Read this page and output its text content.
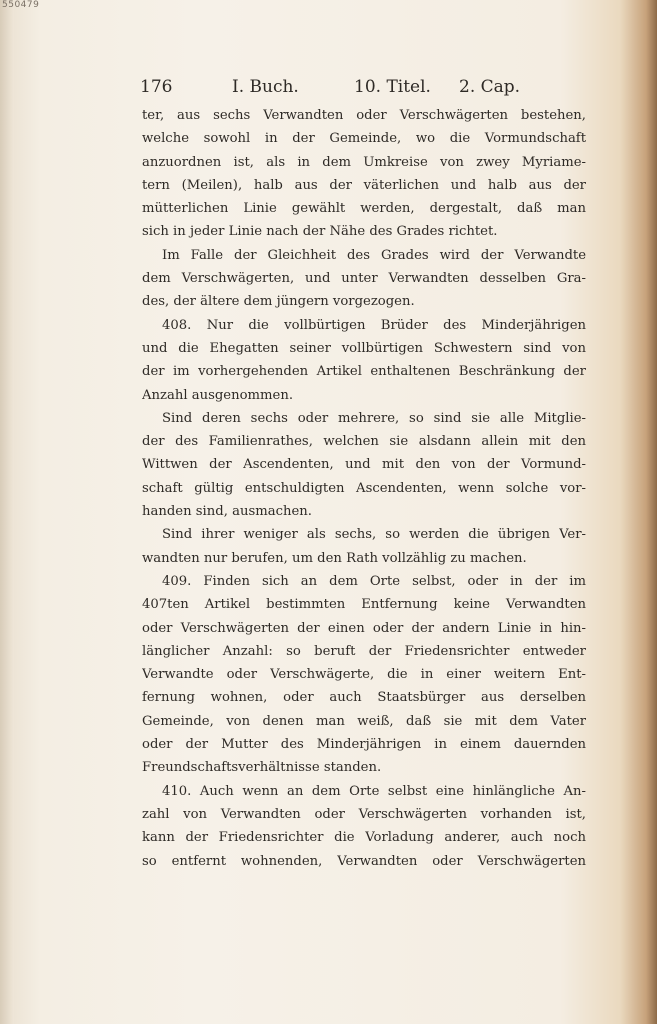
550479
176	I. Buch.	10. Titel. 2. Cap.
ter, aus sechs Verwandten oder Verschwägerten bestehen,
welche sowohl in der Gemeinde, wo die Vormundschaft
anzuordnen ist, als in dem Umkreise von zwey Myriame-
tern (Meilen), halb aus der väterlichen und halb aus der
mütterlichen Linie gewählt werden, dergestalt, daß man
sich in jeder Linie nach der Nähe des Grades richtet.
Im Falle der Gleichheit des Grades wird der Verwandte
dem Verschwägerten, und unter Verwandten desselben Gra-
des, der ältere dem jüngern vorgezogen.
408. Nur die vollbürtigen Brüder des Minderjährigen
und die Ehegatten seiner vollbürtigen Schwestern sind von
der im vorhergehenden Artikel enthaltenen Beschränkung der
Anzahl ausgenommen.
Sind deren sechs oder mehrere, so sind sie alle Mitglie-
der des Familienrathes, welchen sie alsdann allein mit den
Wittwen der Ascendenten, und mit den von der Vormund-
schaft gültig entschuldigten Ascendenten, wenn solche vor-
handen sind, ausmachen.
Sind ihrer weniger als sechs, so werden die übrigen Ver-
wandten nur berufen, um den Rath vollzählig zu machen.
409. Finden sich an dem Orte selbst, oder in der im
407ten Artikel bestimmten Entfernung keine Verwandten
oder Verschwägerten der einen oder der andern Linie in hin-
länglicher Anzahl: so beruft der Friedensrichter entweder
Verwandte oder Verschwägerte, die in einer weitern Ent-
fernung wohnen, oder auch Staatsbürger aus derselben
Gemeinde, von denen man weiß, daß sie mit dem Vater
oder der Mutter des Minderjährigen in einem dauernden
Freundschaftsverhältnisse standen.
410. Auch wenn an dem Orte selbst eine hinlängliche An-
zahl von Verwandten oder Verschwägerten vorhanden ist,
kann der Friedensrichter die Vorladung anderer, auch noch
so entfernt wohnenden, Verwandten oder Verschwägerten
